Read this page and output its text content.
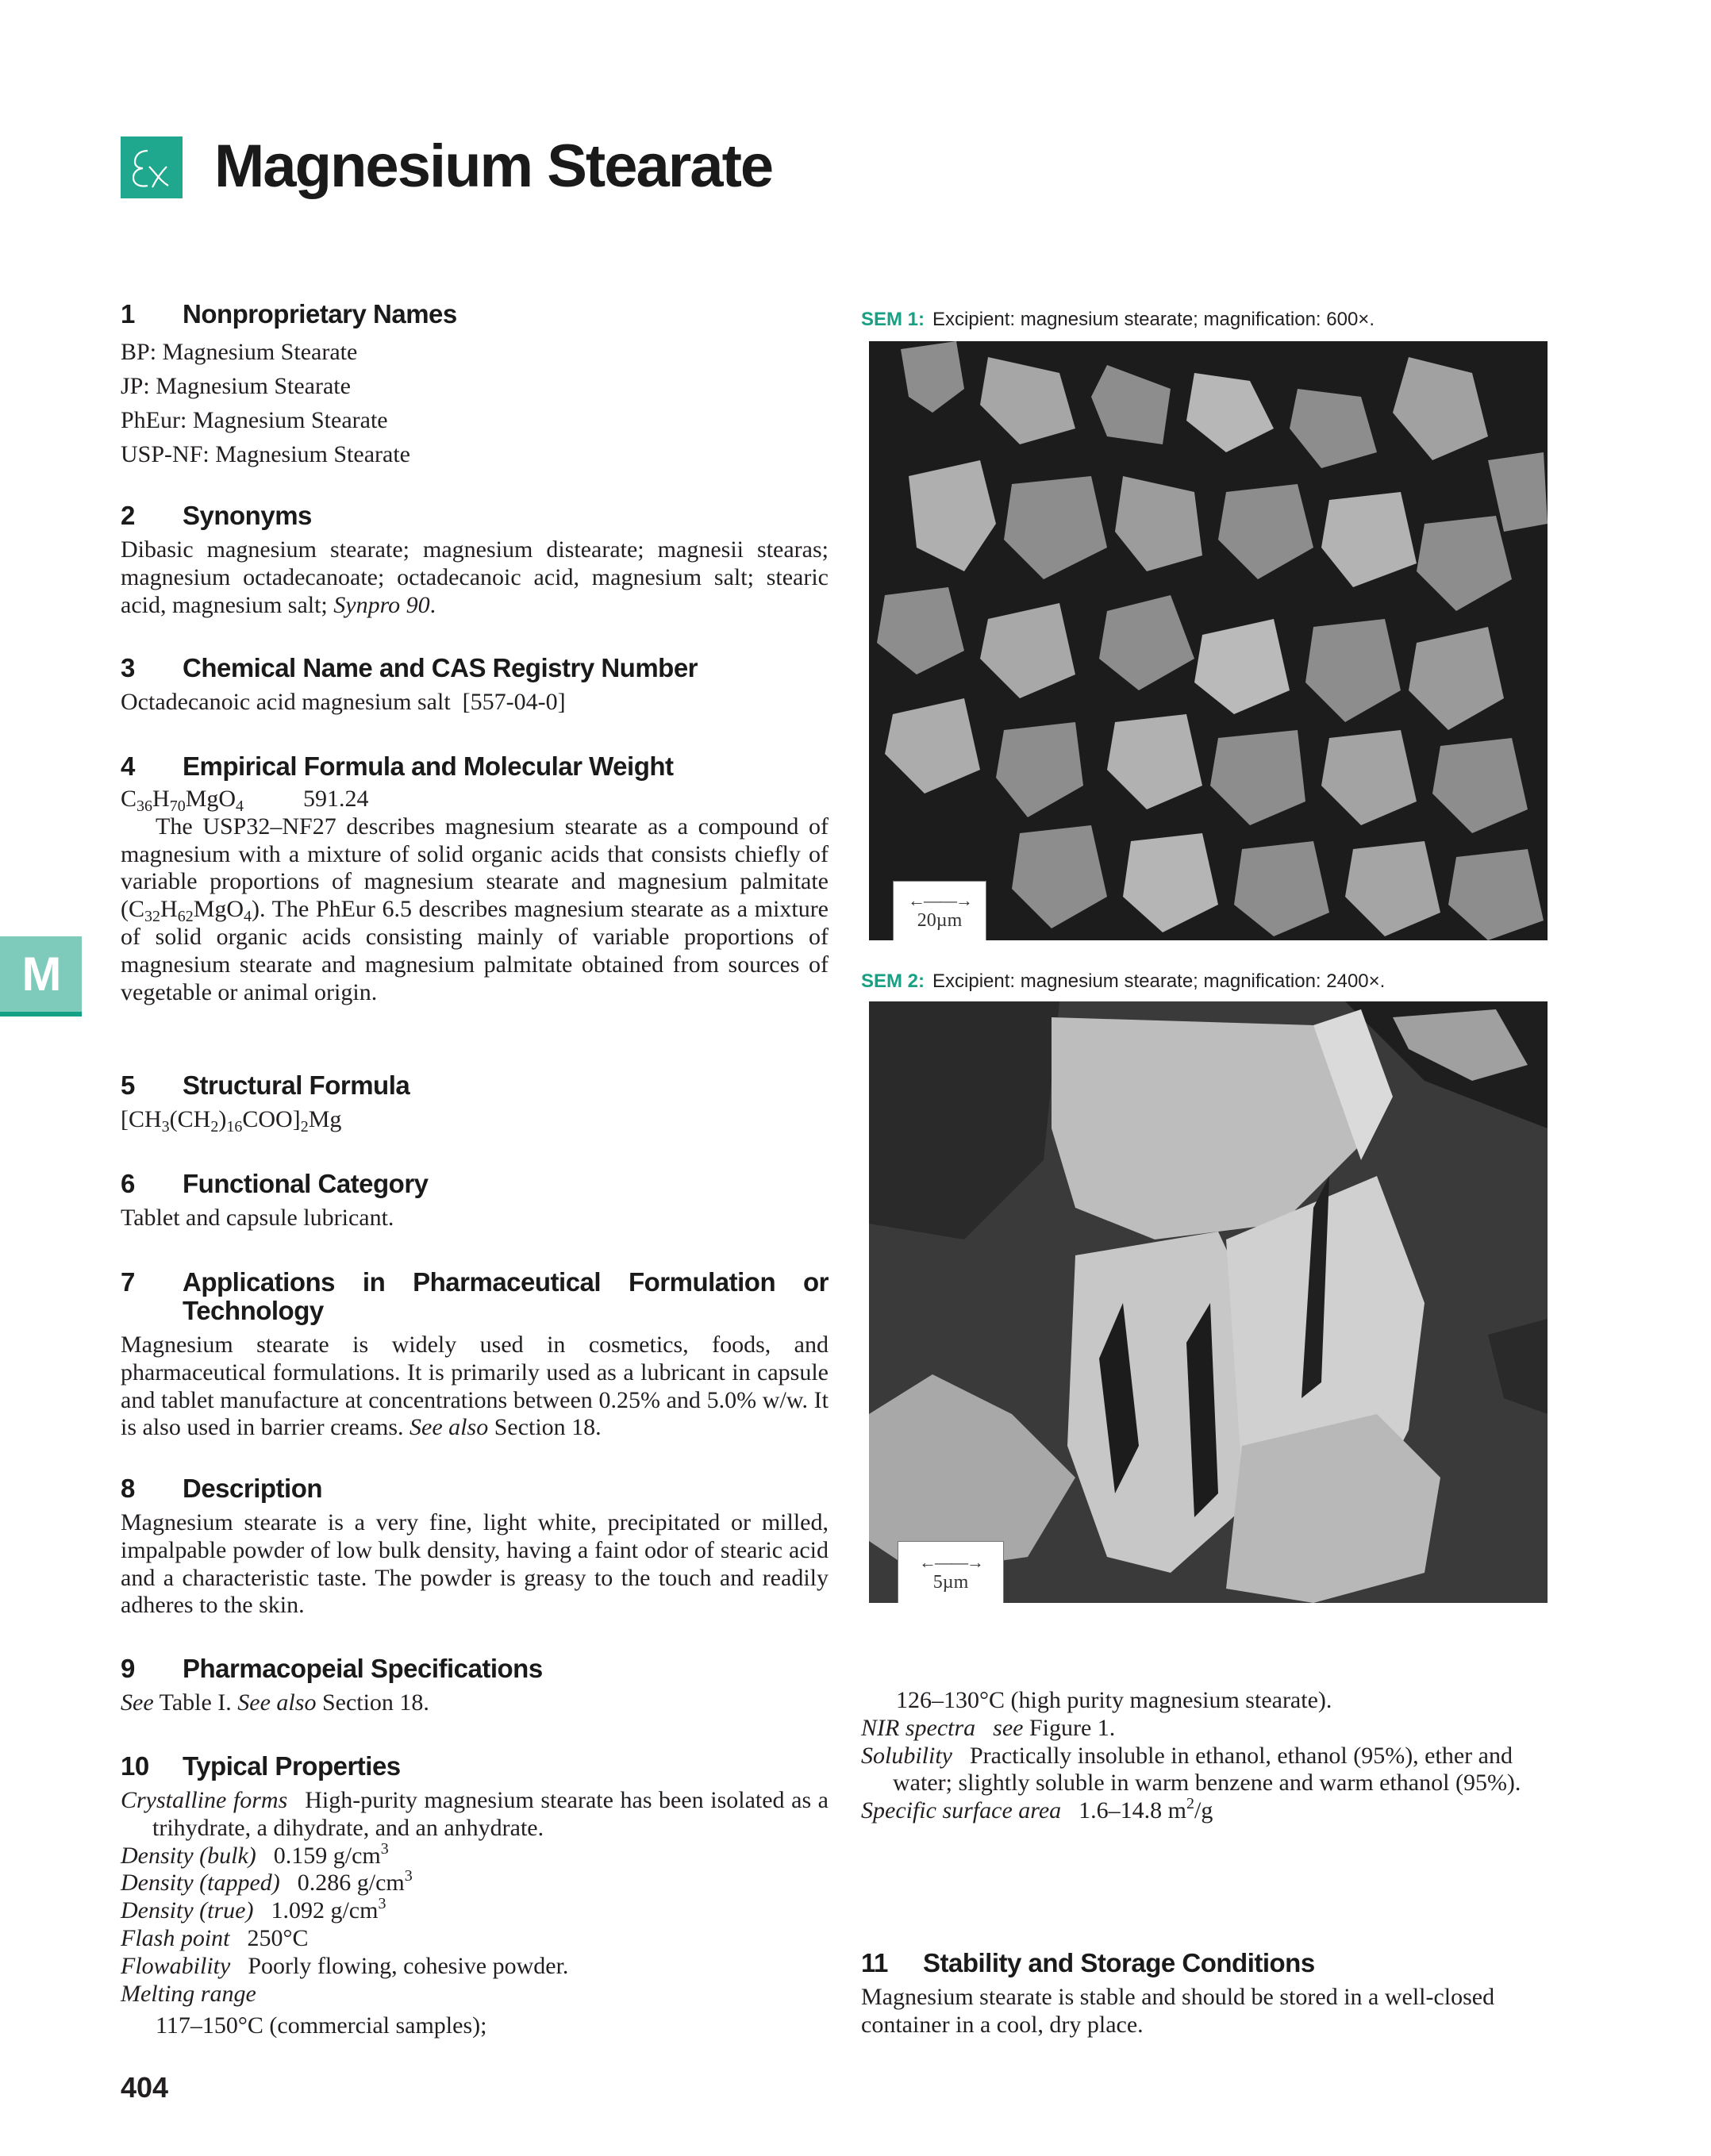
Magnesium Stearate
M
1	Nonproprietary Names
BP: Magnesium Stearate
JP: Magnesium Stearate
PhEur: Magnesium Stearate
USP-NF: Magnesium Stearate
2	Synonyms
Dibasic magnesium stearate; magnesium distearate; magnesii stearas; magnesium octadecanoate; octadecanoic acid, magnesium salt; stearic acid, magnesium salt; Synpro 90.
3	Chemical Name and CAS Registry Number
Octadecanoic acid magnesium salt  [557-04-0]
4	Empirical Formula and Molecular Weight
$C_{36}H_{70}MgO_4$	591.24
The USP32–NF27 describes magnesium stearate as a compound of magnesium with a mixture of solid organic acids that consists chiefly of variable proportions of magnesium stearate and magnesium palmitate $(C_{32}H_{62}MgO_4)$. The PhEur 6.5 describes magnesium stearate as a mixture of solid organic acids consisting mainly of variable proportions of magnesium stearate and magnesium palmitate obtained from sources of vegetable or animal origin.
5	Structural Formula
$[CH_3(CH_2)_{16}COO]_2Mg$
6	Functional Category
Tablet and capsule lubricant.
7	Applications in Pharmaceutical Formulation or
Technology
Magnesium stearate is widely used in cosmetics, foods, and pharmaceutical formulations. It is primarily used as a lubricant in capsule and tablet manufacture at concentrations between 0.25% and 5.0% w/w. It is also used in barrier creams. See also Section 18.
8	Description
Magnesium stearate is a very fine, light white, precipitated or milled, impalpable powder of low bulk density, having a faint odor of stearic acid and a characteristic taste. The powder is greasy to the touch and readily adheres to the skin.
9	Pharmacopeial Specifications
See Table I. See also Section 18.
10	Typical Properties
Crystalline forms High-purity magnesium stearate has been isolated as a trihydrate, a dihydrate, and an anhydrate.
Density (bulk) 0.159 $g/cm^3$
Density (tapped) 0.286 $g/cm^3$
Density (true) 1.092 $g/cm^3$
Flash point 250°C
Flowability Poorly flowing, cohesive powder.
Melting range
117–150°C (commercial samples);
404
SEM 1: Excipient: magnesium stearate; magnification: 600×.
←——→
20µm
SEM 2: Excipient: magnesium stearate; magnification: 2400×.
←——→
5µm
126–130°C (high purity magnesium stearate).
NIR spectra see Figure 1.
Solubility Practically insoluble in ethanol, ethanol (95%), ether and water; slightly soluble in warm benzene and warm ethanol (95%).
Specific surface area 1.6–14.8 $m^2/g$
11	Stability and Storage Conditions
Magnesium stearate is stable and should be stored in a well-closed container in a cool, dry place.
